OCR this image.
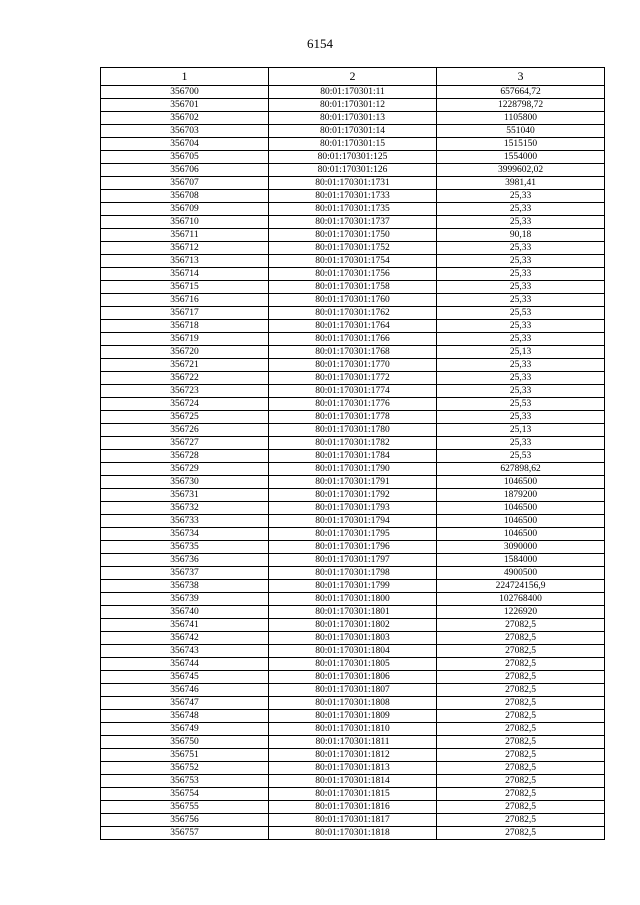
6154
1	2	3
356700	80:01:170301:11	657664,72
356701	80:01:170301:12	1228798,72
356702	80:01:170301:13	1105800
356703	80:01:170301:14	551040
356704	80:01:170301:15	1515150
356705	80:01:170301:125	1554000
356706	80:01:170301:126	3999602,02
356707	80:01:170301:1731	3981,41
356708	80:01:170301:1733	25,33
356709	80:01:170301:1735	25,33
356710	80:01:170301:1737	25,33
356711	80:01:170301:1750	90,18
356712	80:01:170301:1752	25,33
356713	80:01:170301:1754	25,33
356714	80:01:170301:1756	25,33
356715	80:01:170301:1758	25,33
356716	80:01:170301:1760	25,33
356717	80:01:170301:1762	25,53
356718	80:01:170301:1764	25,33
356719	80:01:170301:1766	25,33
356720	80:01:170301:1768	25,13
356721	80:01:170301:1770	25,33
356722	80:01:170301:1772	25,33
356723	80:01:170301:1774	25,33
356724	80:01:170301:1776	25,53
356725	80:01:170301:1778	25,33
356726	80:01:170301:1780	25,13
356727	80:01:170301:1782	25,33
356728	80:01:170301:1784	25,53
356729	80:01:170301:1790	627898,62
356730	80:01:170301:1791	1046500
356731	80:01:170301:1792	1879200
356732	80:01:170301:1793	1046500
356733	80:01:170301:1794	1046500
356734	80:01:170301:1795	1046500
356735	80:01:170301:1796	3090000
356736	80:01:170301:1797	1584000
356737	80:01:170301:1798	4900500
356738	80:01:170301:1799	224724156,9
356739	80:01:170301:1800	102768400
356740	80:01:170301:1801	1226920
356741	80:01:170301:1802	27082,5
356742	80:01:170301:1803	27082,5
356743	80:01:170301:1804	27082,5
356744	80:01:170301:1805	27082,5
356745	80:01:170301:1806	27082,5
356746	80:01:170301:1807	27082,5
356747	80:01:170301:1808	27082,5
356748	80:01:170301:1809	27082,5
356749	80:01:170301:1810	27082,5
356750	80:01:170301:1811	27082,5
356751	80:01:170301:1812	27082,5
356752	80:01:170301:1813	27082,5
356753	80:01:170301:1814	27082,5
356754	80:01:170301:1815	27082,5
356755	80:01:170301:1816	27082,5
356756	80:01:170301:1817	27082,5
356757	80:01:170301:1818	27082,5
